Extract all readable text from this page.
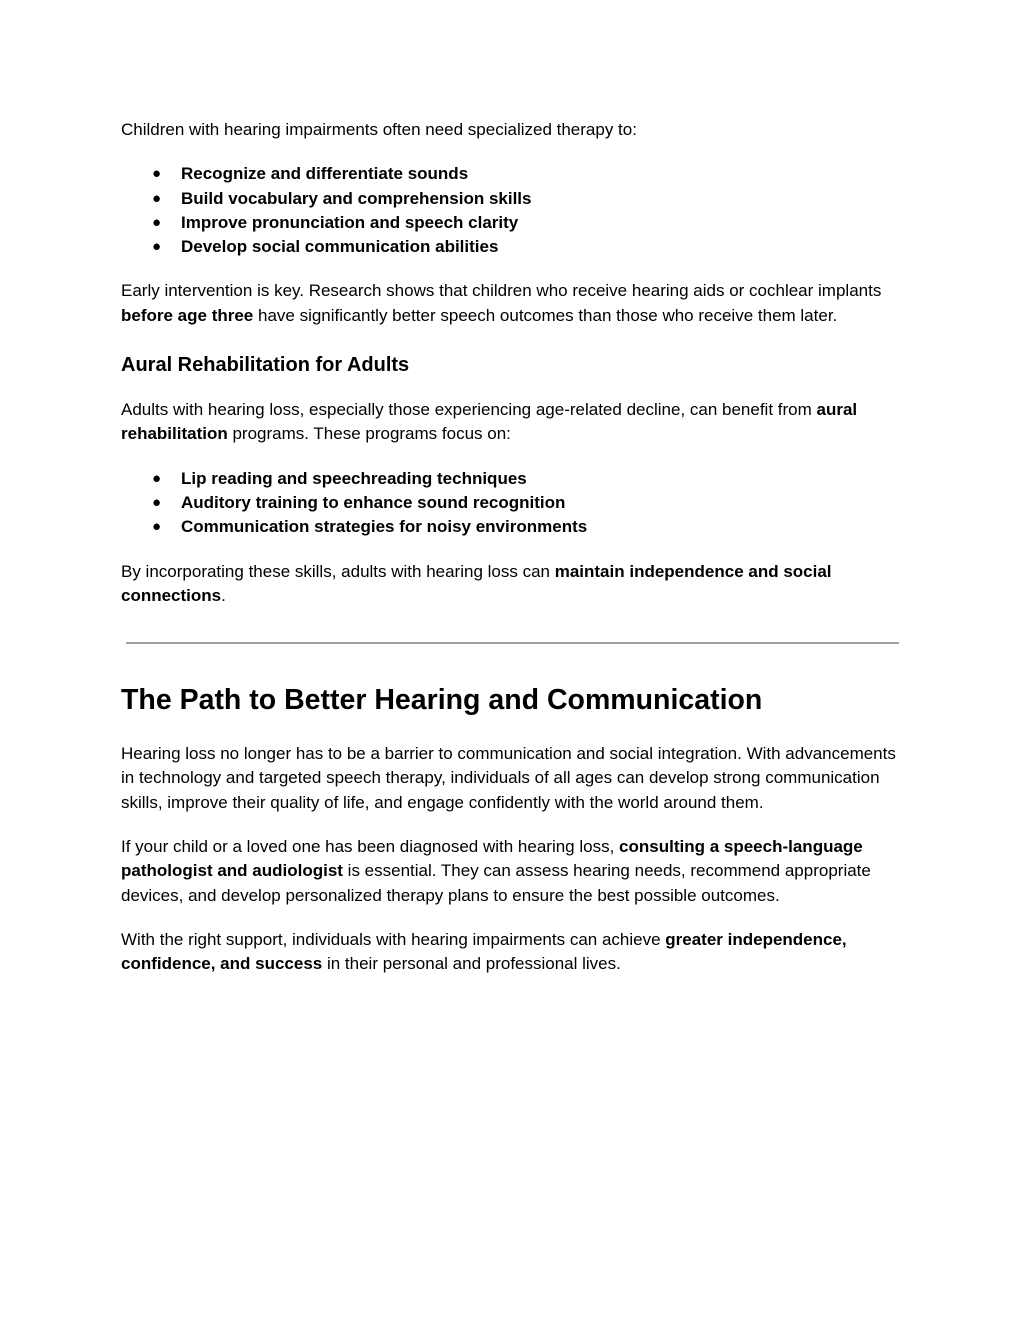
Children with hearing impairments often need specialized therapy to:

● Recognize and differentiate sounds
● Build vocabulary and comprehension skills
● Improve pronunciation and speech clarity
● Develop social communication abilities

Early intervention is key. Research shows that children who receive hearing aids or cochlear implants before age three have significantly better speech outcomes than those who receive them later.

Aural Rehabilitation for Adults

Adults with hearing loss, especially those experiencing age-related decline, can benefit from aural rehabilitation programs. These programs focus on:

● Lip reading and speechreading techniques
● Auditory training to enhance sound recognition
● Communication strategies for noisy environments

By incorporating these skills, adults with hearing loss can maintain independence and social connections.

The Path to Better Hearing and Communication

Hearing loss no longer has to be a barrier to communication and social integration. With advancements in technology and targeted speech therapy, individuals of all ages can develop strong communication skills, improve their quality of life, and engage confidently with the world around them.

If your child or a loved one has been diagnosed with hearing loss, consulting a speech-language pathologist and audiologist is essential. They can assess hearing needs, recommend appropriate devices, and develop personalized therapy plans to ensure the best possible outcomes.

With the right support, individuals with hearing impairments can achieve greater independence, confidence, and success in their personal and professional lives.
